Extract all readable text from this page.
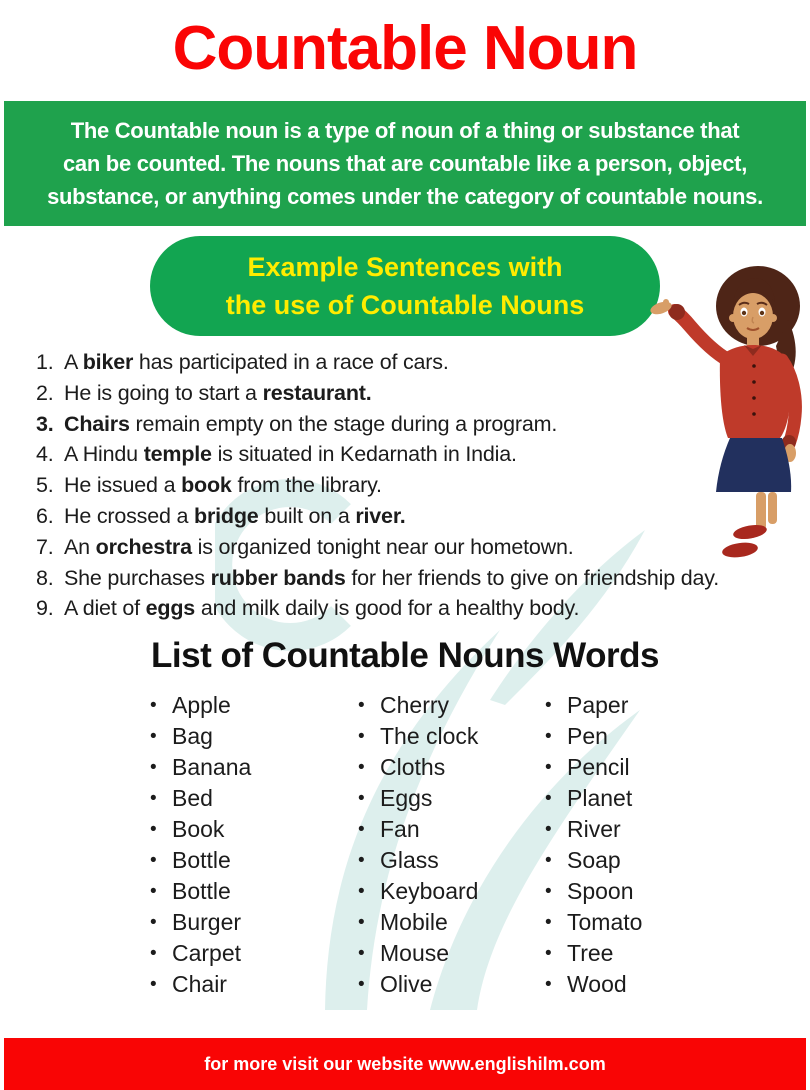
Countable Noun
The Countable noun is a type of noun of a thing or substance that
can be counted. The nouns that are countable like a person, object,
substance, or anything comes under the category of countable nouns.
Example Sentences with
the use of Countable Nouns
1. A biker has participated in a race of cars.
2. He is going to start a restaurant.
3. Chairs remain empty on the stage during a program.
4. A Hindu temple is situated in Kedarnath in India.
5. He issued a book from the library.
6. He crossed a bridge built on a river.
7. An orchestra is organized tonight near our hometown.
8. She purchases rubber bands for her friends to give on friendship day.
9. A diet of eggs and milk daily is good for a healthy body.
List of Countable Nouns Words
• Apple
• Bag
• Banana
• Bed
• Book
• Bottle
• Bottle
• Burger
• Carpet
• Chair
• Cherry
• The clock
• Cloths
• Eggs
• Fan
• Glass
• Keyboard
• Mobile
• Mouse
• Olive
• Paper
• Pen
• Pencil
• Planet
• River
• Soap
• Spoon
• Tomato
• Tree
• Wood
for more visit our website www.englishilm.com
